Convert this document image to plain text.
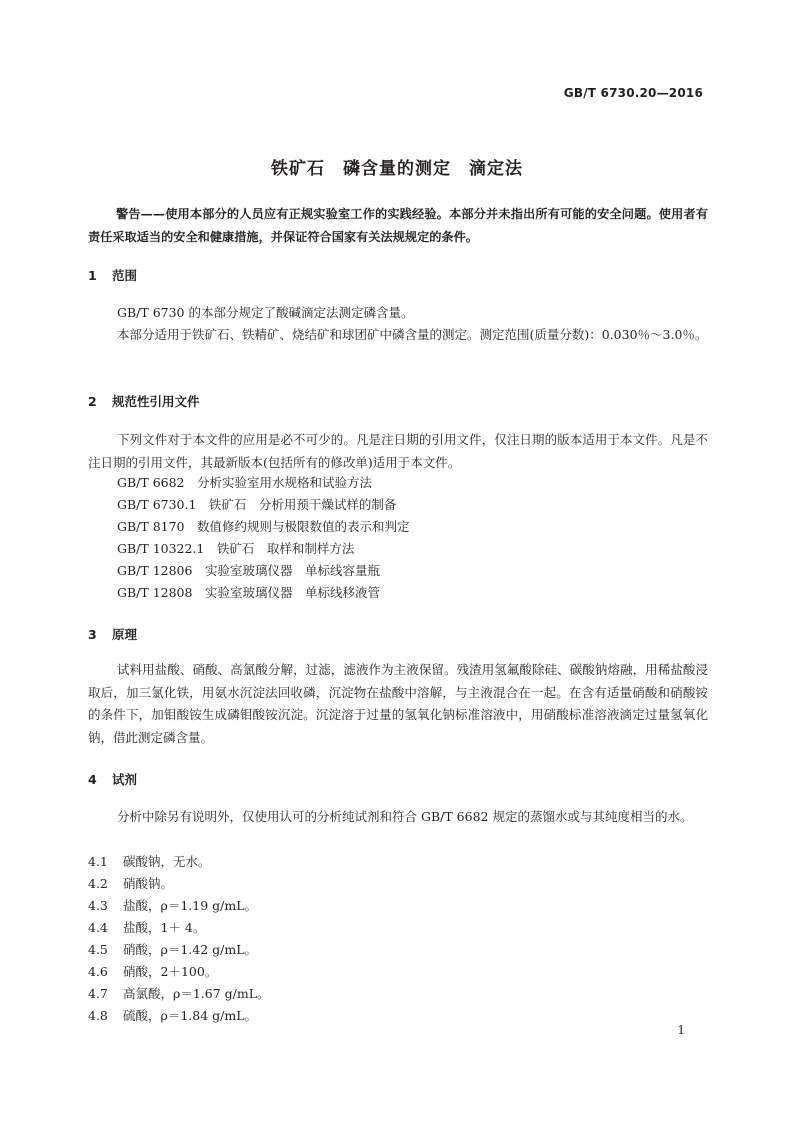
GB/T 6730.20—2016
铁矿石　磷含量的测定　滴定法
警告——使用本部分的人员应有正规实验室工作的实践经验。本部分并未指出所有可能的安全问题。使用者有责任采取适当的安全和健康措施，并保证符合国家有关法规规定的条件。
1 范围
GB/T 6730 的本部分规定了酸碱滴定法测定磷含量。
本部分适用于铁矿石、铁精矿、烧结矿和球团矿中磷含量的测定。测定范围(质量分数)：0.030％～3.0％。
2 规范性引用文件
下列文件对于本文件的应用是必不可少的。凡是注日期的引用文件，仅注日期的版本适用于本文件。凡是不注日期的引用文件，其最新版本(包括所有的修改单)适用于本文件。
GB/T 6682　分析实验室用水规格和试验方法
GB/T 6730.1　铁矿石　分析用预干燥试样的制备
GB/T 8170　数值修约规则与极限数值的表示和判定
GB/T 10322.1　铁矿石　取样和制样方法
GB/T 12806　实验室玻璃仪器　单标线容量瓶
GB/T 12808　实验室玻璃仪器　单标线移液管
3 原理
试料用盐酸、硝酸、高氯酸分解，过滤，滤液作为主液保留。残渣用氢氟酸除硅、碳酸钠熔融，用稀盐酸浸取后，加三氯化铁，用氨水沉淀法回收磷，沉淀物在盐酸中溶解，与主液混合在一起。在含有适量硝酸和硝酸铵的条件下，加钼酸铵生成磷钼酸铵沉淀。沉淀溶于过量的氢氧化钠标准溶液中，用硝酸标准溶液滴定过量氢氧化钠，借此测定磷含量。
4 试剂
分析中除另有说明外，仅使用认可的分析纯试剂和符合 GB/T 6682 规定的蒸馏水或与其纯度相当的水。
4.1 碳酸钠，无水。
4.2 硝酸钠。
4.3 盐酸，ρ＝1.19 g/mL。
4.4 盐酸，1＋ 4。
4.5 硝酸，ρ＝1.42 g/mL。
4.6 硝酸，2＋100。
4.7 高氯酸，ρ＝1.67 g/mL。
4.8 硫酸，ρ＝1.84 g/mL。
1
